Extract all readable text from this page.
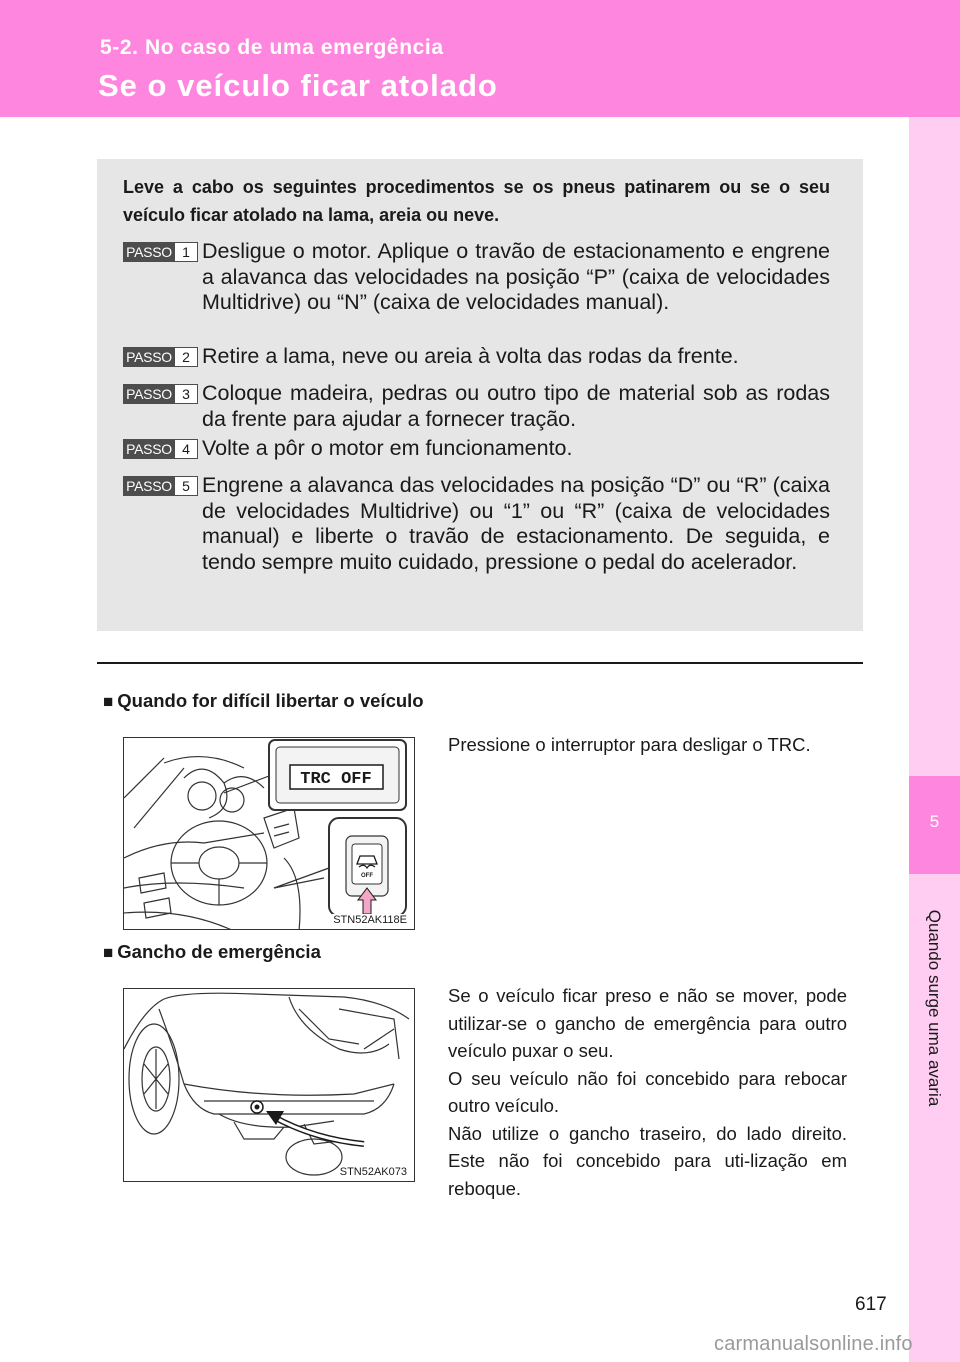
5-2. No caso de uma emergência
Se o veículo ficar atolado
5
Quando surge uma avaria
Leve a cabo os seguintes procedimentos se os pneus patinarem ou se o seu veículo ficar atolado na lama, areia ou neve.
PASSO 1 Desligue o motor. Aplique o travão de estacionamento e engrene a alavanca das velocidades na posição “P” (caixa de velocidades Multidrive) ou “N” (caixa de velocidades manual).
PASSO 2 Retire a lama, neve ou areia à volta das rodas da frente.
PASSO 3 Coloque madeira, pedras ou outro tipo de material sob as rodas da frente para ajudar a fornecer tração.
PASSO 4 Volte a pôr o motor em funcionamento.
PASSO 5 Engrene a alavanca das velocidades na posição “D” ou “R” (caixa de velocidades Multidrive) ou “1” ou “R” (caixa de velocidades manual) e liberte o travão de estacionamento. De seguida, e tendo sempre muito cuidado, pressione o pedal do acelerador.
■ Quando for difícil libertar o veículo
TRC OFF
OFF
STN52AK118E

Pressione o interruptor para desligar o TRC.

■ Gancho de emergência
STN52AK073

Se o veículo ficar preso e não se mover, pode utilizar-se o gancho de emergência para outro veículo puxar o seu.

O seu veículo não foi concebido para rebocar outro veículo.

Não utilize o gancho traseiro, do lado direito. Este não foi concebido para uti-lização em reboque.

617
carmanualsonline.info
